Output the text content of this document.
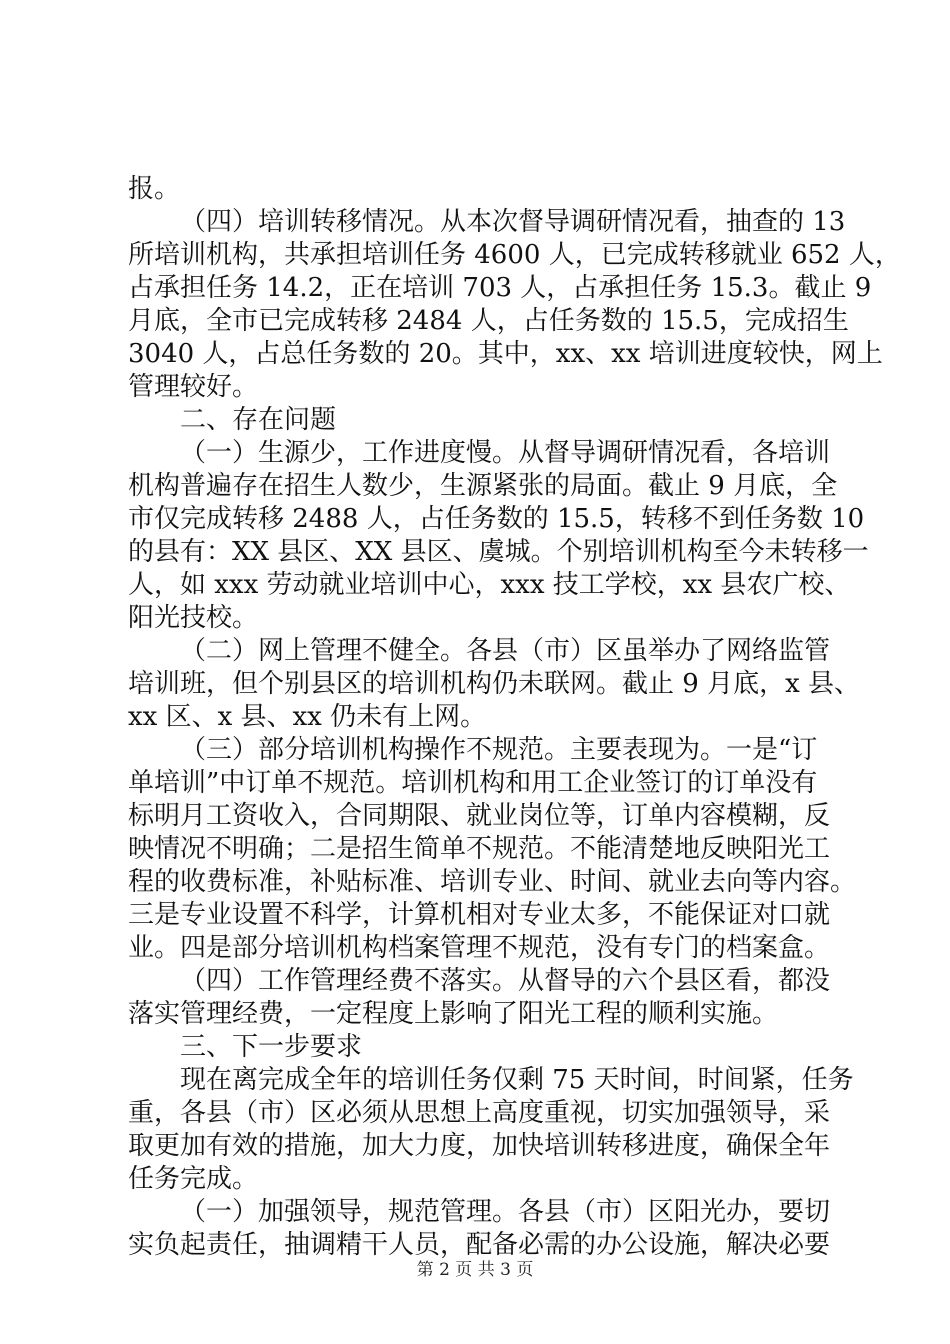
报。
（四）培训转移情况。从本次督导调研情况看，抽查的 13
所培训机构，共承担培训任务 4600 人，已完成转移就业 652 人，
占承担任务 14.2，正在培训 703 人，占承担任务 15.3。截止 9
月底，全市已完成转移 2484 人，占任务数的 15.5，完成招生
3040 人，占总任务数的 20。其中，xx、xx 培训进度较快，网上
管理较好。
二、存在问题
（一）生源少，工作进度慢。从督导调研情况看，各培训
机构普遍存在招生人数少，生源紧张的局面。截止 9 月底，全
市仅完成转移 2488 人，占任务数的 15.5，转移不到任务数 10
的县有：XX 县区、XX 县区、虞城。个别培训机构至今未转移一
人，如 xxx 劳动就业培训中心，xxx 技工学校，xx 县农广校、
阳光技校。
（二）网上管理不健全。各县（市）区虽举办了网络监管
培训班，但个别县区的培训机构仍未联网。截止 9 月底，x 县、
xx 区、x 县、xx 仍未有上网。
（三）部分培训机构操作不规范。主要表现为。一是“订
单培训”中订单不规范。培训机构和用工企业签订的订单没有
标明月工资收入，合同期限、就业岗位等，订单内容模糊，反
映情况不明确；二是招生简单不规范。不能清楚地反映阳光工
程的收费标准，补贴标准、培训专业、时间、就业去向等内容。
三是专业设置不科学，计算机相对专业太多，不能保证对口就
业。四是部分培训机构档案管理不规范，没有专门的档案盒。
（四）工作管理经费不落实。从督导的六个县区看，都没
落实管理经费，一定程度上影响了阳光工程的顺利实施。
三、下一步要求
现在离完成全年的培训任务仅剩 75 天时间，时间紧，任务
重，各县（市）区必须从思想上高度重视，切实加强领导，采
取更加有效的措施，加大力度，加快培训转移进度，确保全年
任务完成。
（一）加强领导，规范管理。各县（市）区阳光办，要切
实负起责任，抽调精干人员，配备必需的办公设施，解决必要
第 2 页 共 3 页
